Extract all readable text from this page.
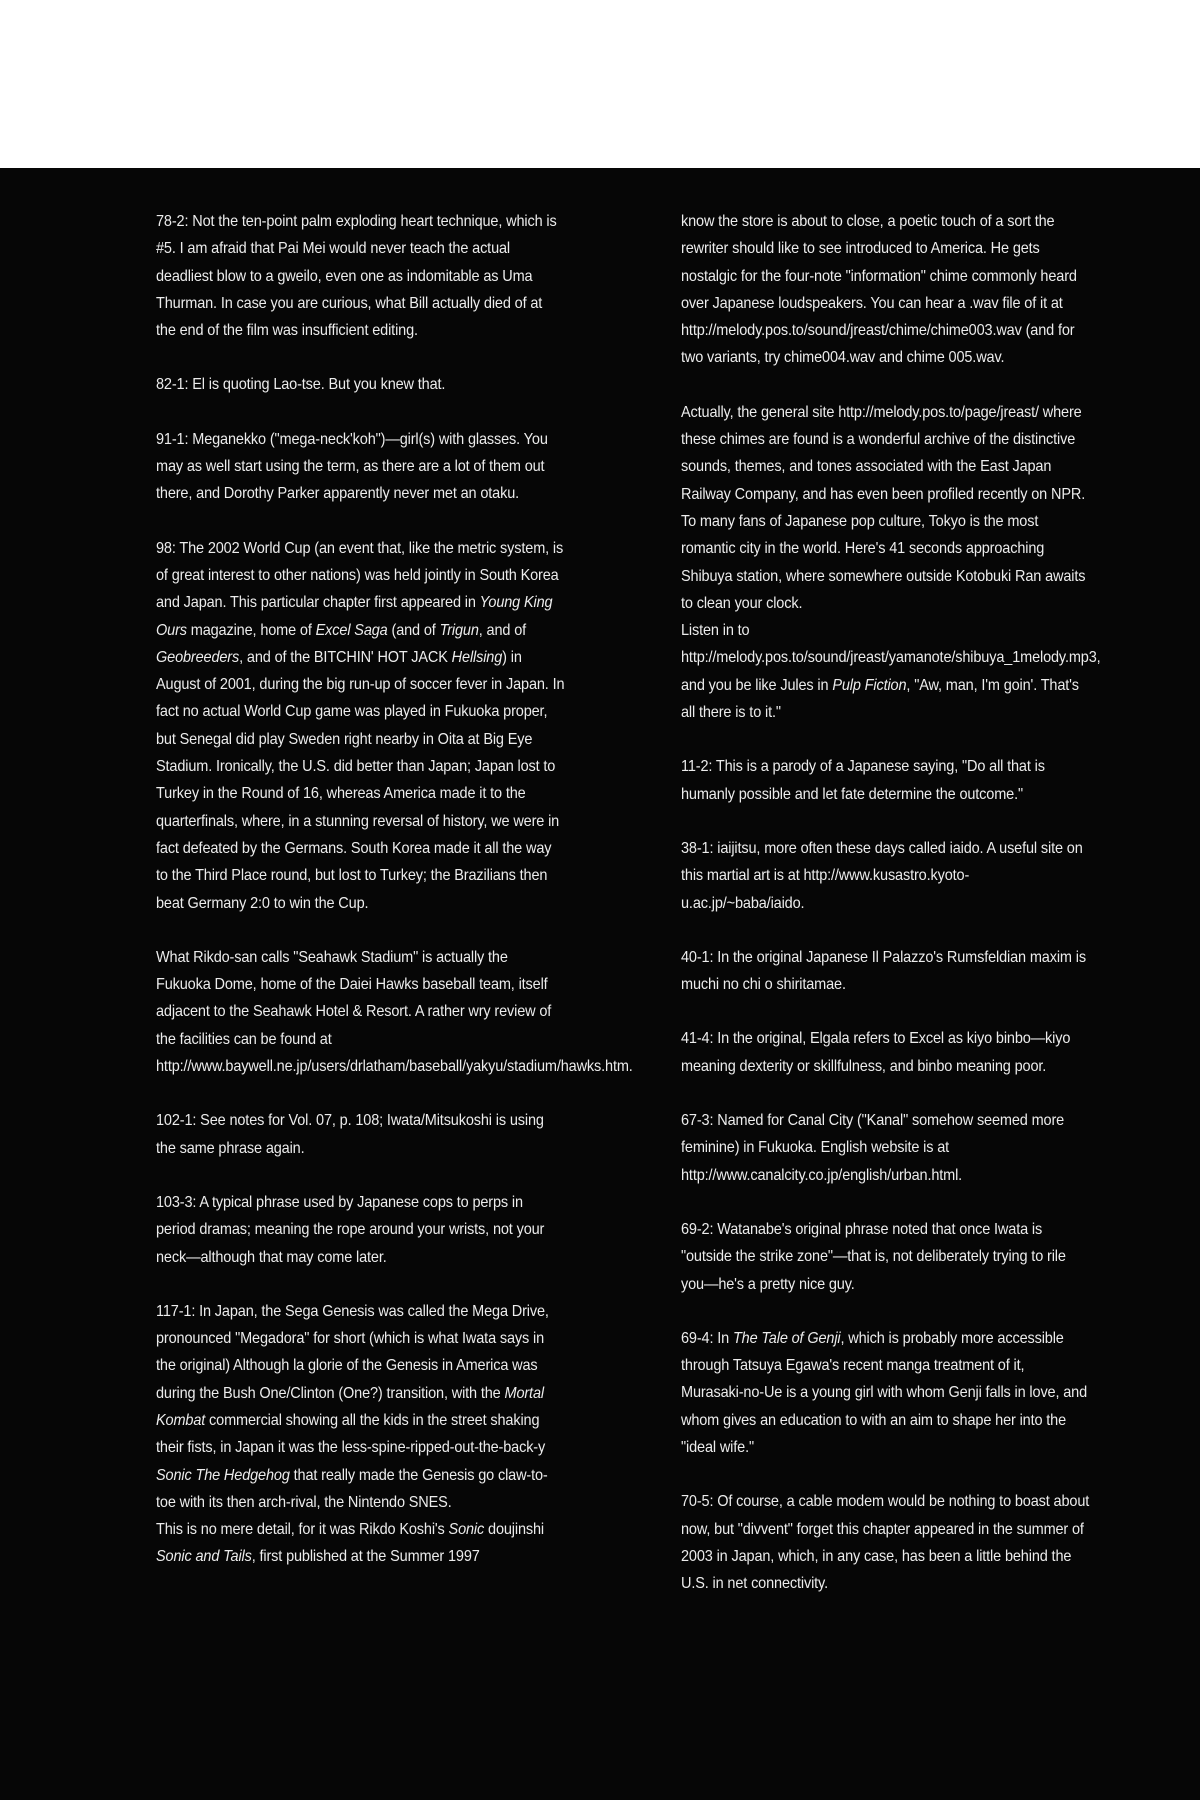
78-2: Not the ten-point palm exploding heart technique, which is #5. I am afraid that Pai Mei would never teach the actual deadliest blow to a gweilo, even one as indomitable as Uma Thurman. In case you are curious, what Bill actually died of at the end of the film was insufficient editing.

82-1: El is quoting Lao-tse. But you knew that.

91-1: Meganekko ("mega-neck'koh")—girl(s) with glasses. You may as well start using the term, as there are a lot of them out there, and Dorothy Parker apparently never met an otaku.

98: The 2002 World Cup (an event that, like the metric system, is of great interest to other nations) was held jointly in South Korea and Japan. This particular chapter first appeared in Young King Ours magazine, home of Excel Saga (and of Trigun, and of Geobreeders, and of the BITCHIN' HOT JACK Hellsing) in August of 2001, during the big run-up of soccer fever in Japan. In fact no actual World Cup game was played in Fukuoka proper, but Senegal did play Sweden right nearby in Oita at Big Eye Stadium. Ironically, the U.S. did better than Japan; Japan lost to Turkey in the Round of 16, whereas America made it to the quarterfinals, where, in a stunning reversal of history, we were in fact defeated by the Germans. South Korea made it all the way to the Third Place round, but lost to Turkey; the Brazilians then beat Germany 2:0 to win the Cup.

What Rikdo-san calls "Seahawk Stadium" is actually the Fukuoka Dome, home of the Daiei Hawks baseball team, itself adjacent to the Seahawk Hotel & Resort. A rather wry review of the facilities can be found at http://www.baywell.ne.jp/users/drlatham/baseball/yakyu/stadium/hawks.htm.

102-1: See notes for Vol. 07, p. 108; Iwata/Mitsukoshi is using the same phrase again.

103-3: A typical phrase used by Japanese cops to perps in period dramas; meaning the rope around your wrists, not your neck—although that may come later.

117-1: In Japan, the Sega Genesis was called the Mega Drive, pronounced "Megadora" for short (which is what Iwata says in the original) Although la glorie of the Genesis in America was during the Bush One/Clinton (One?) transition, with the Mortal Kombat commercial showing all the kids in the street shaking their fists, in Japan it was the less-spine-ripped-out-the-back-y Sonic The Hedgehog that really made the Genesis go claw-to-toe with its then arch-rival, the Nintendo SNES.

This is no mere detail, for it was Rikdo Koshi's Sonic doujinshi Sonic and Tails, first published at the Summer 1997

know the store is about to close, a poetic touch of a sort the rewriter should like to see introduced to America. He gets nostalgic for the four-note "information" chime commonly heard over Japanese loudspeakers. You can hear a .wav file of it at http://melody.pos.to/sound/jreast/chime/chime003.wav (and for two variants, try chime004.wav and chime 005.wav.

Actually, the general site http://melody.pos.to/page/jreast/ where these chimes are found is a wonderful archive of the distinctive sounds, themes, and tones associated with the East Japan Railway Company, and has even been profiled recently on NPR. To many fans of Japanese pop culture, Tokyo is the most romantic city in the world. Here's 41 seconds approaching Shibuya station, where somewhere outside Kotobuki Ran awaits to clean your clock.

Listen in to http://melody.pos.to/sound/jreast/yamanote/shibuya_1melody.mp3, and you be like Jules in Pulp Fiction, "Aw, man, I'm goin'. That's all there is to it."

11-2: This is a parody of a Japanese saying, "Do all that is humanly possible and let fate determine the outcome."

38-1: iaijitsu, more often these days called iaido. A useful site on this martial art is at http://www.kusastro.kyoto-u.ac.jp/~baba/iaido.

40-1: In the original Japanese Il Palazzo's Rumsfeldian maxim is muchi no chi o shiritamae.

41-4: In the original, Elgala refers to Excel as kiyo binbo—kiyo meaning dexterity or skillfulness, and binbo meaning poor.

67-3: Named for Canal City ("Kanal" somehow seemed more feminine) in Fukuoka. English website is at http://www.canalcity.co.jp/english/urban.html.

69-2: Watanabe's original phrase noted that once Iwata is "outside the strike zone"—that is, not deliberately trying to rile you—he's a pretty nice guy.

69-4: In The Tale of Genji, which is probably more accessible through Tatsuya Egawa's recent manga treatment of it, Murasaki-no-Ue is a young girl with whom Genji falls in love, and whom gives an education to with an aim to shape her into the "ideal wife."

70-5: Of course, a cable modem would be nothing to boast about now, but "divvent" forget this chapter appeared in the summer of 2003 in Japan, which, in any case, has been a little behind the U.S. in net connectivity.
